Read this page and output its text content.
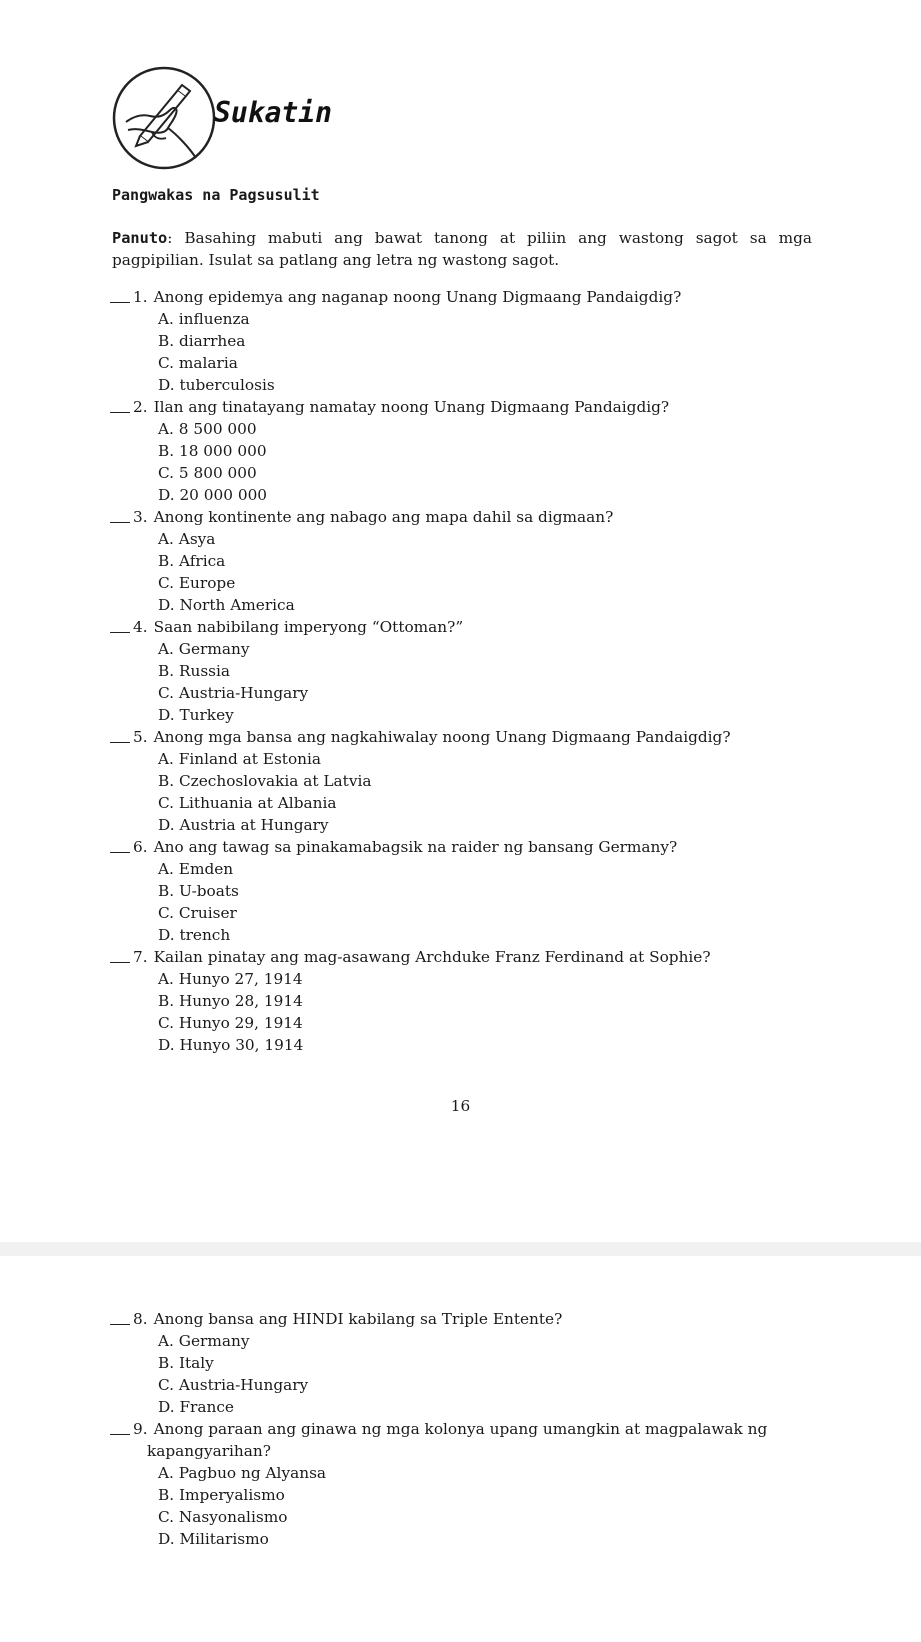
Sukatin
Pangwakas na Pagsusulit
Panuto: Basahing mabuti ang bawat tanong at piliin ang wastong sagot sa mga pagpipilian. Isulat sa patlang ang letra ng wastong sagot.
1. Anong epidemya ang naganap noong Unang Digmaang Pandaigdig?
A. influenza
B. diarrhea
C. malaria
D. tuberculosis
2. Ilan ang tinatayang namatay noong Unang Digmaang Pandaigdig?
A. 8 500 000
B. 18 000 000
C. 5 800 000
D. 20 000 000
3. Anong kontinente ang nabago ang mapa dahil sa digmaan?
A. Asya
B. Africa
C. Europe
D. North America
4. Saan nabibilang imperyong “Ottoman?”
A. Germany
B. Russia
C. Austria-Hungary
D. Turkey
5. Anong mga bansa ang nagkahiwalay noong Unang Digmaang Pandaigdig?
A. Finland at Estonia
B. Czechoslovakia at Latvia
C. Lithuania at Albania
D. Austria at Hungary
6. Ano ang tawag sa pinakamabagsik na raider ng bansang Germany?
A. Emden
B. U-boats
C. Cruiser
D. trench
7. Kailan pinatay ang mag-asawang Archduke Franz Ferdinand at Sophie?
A. Hunyo 27, 1914
B. Hunyo 28, 1914
C. Hunyo 29, 1914
D. Hunyo 30, 1914
16
8. Anong bansa ang HINDI kabilang sa Triple Entente?
A. Germany
B. Italy
C. Austria-Hungary
D. France
9. Anong paraan ang ginawa ng mga kolonya upang umangkin at magpalawak ng
kapangyarihan?
A. Pagbuo ng Alyansa
B. Imperyalismo
C. Nasyonalismo
D. Militarismo
